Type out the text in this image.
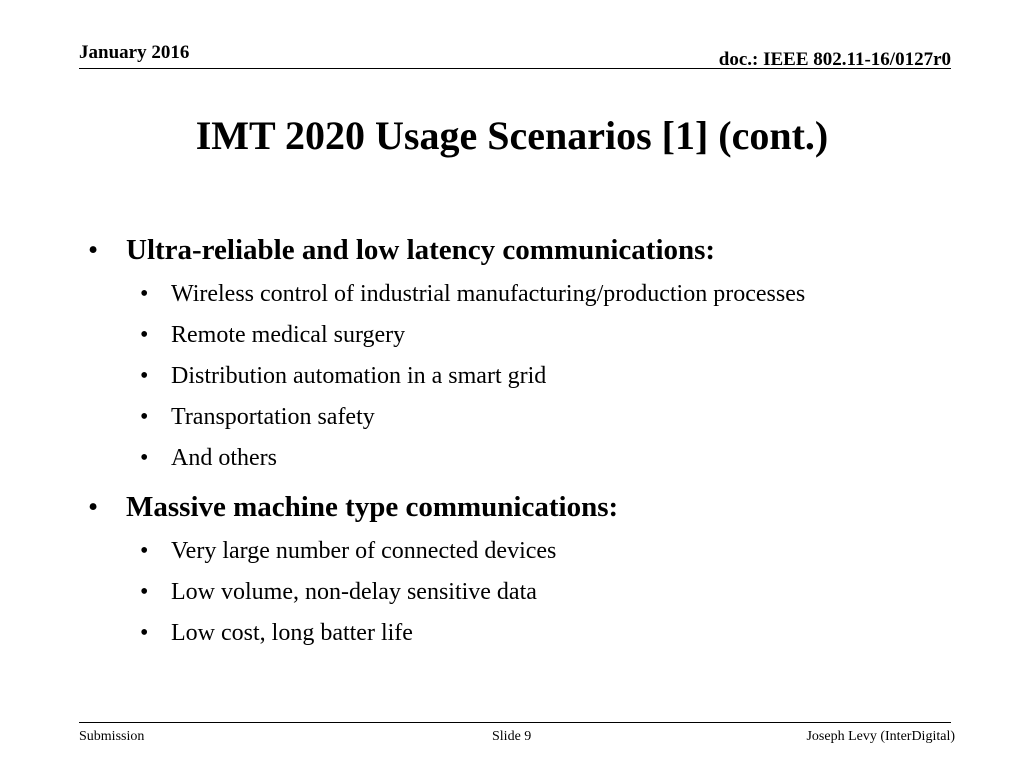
January 2016	doc.: IEEE 802.11-16/0127r0
IMT 2020 Usage Scenarios [1] (cont.)
• Ultra-reliable and low latency communications:
• Wireless control of industrial manufacturing/production processes
• Remote medical surgery
• Distribution automation in a smart grid
• Transportation safety
• And others
• Massive machine type communications:
• Very large number of connected devices
• Low volume, non-delay sensitive data
• Low cost, long batter life
Submission	Slide 9	Joseph Levy (InterDigital)
